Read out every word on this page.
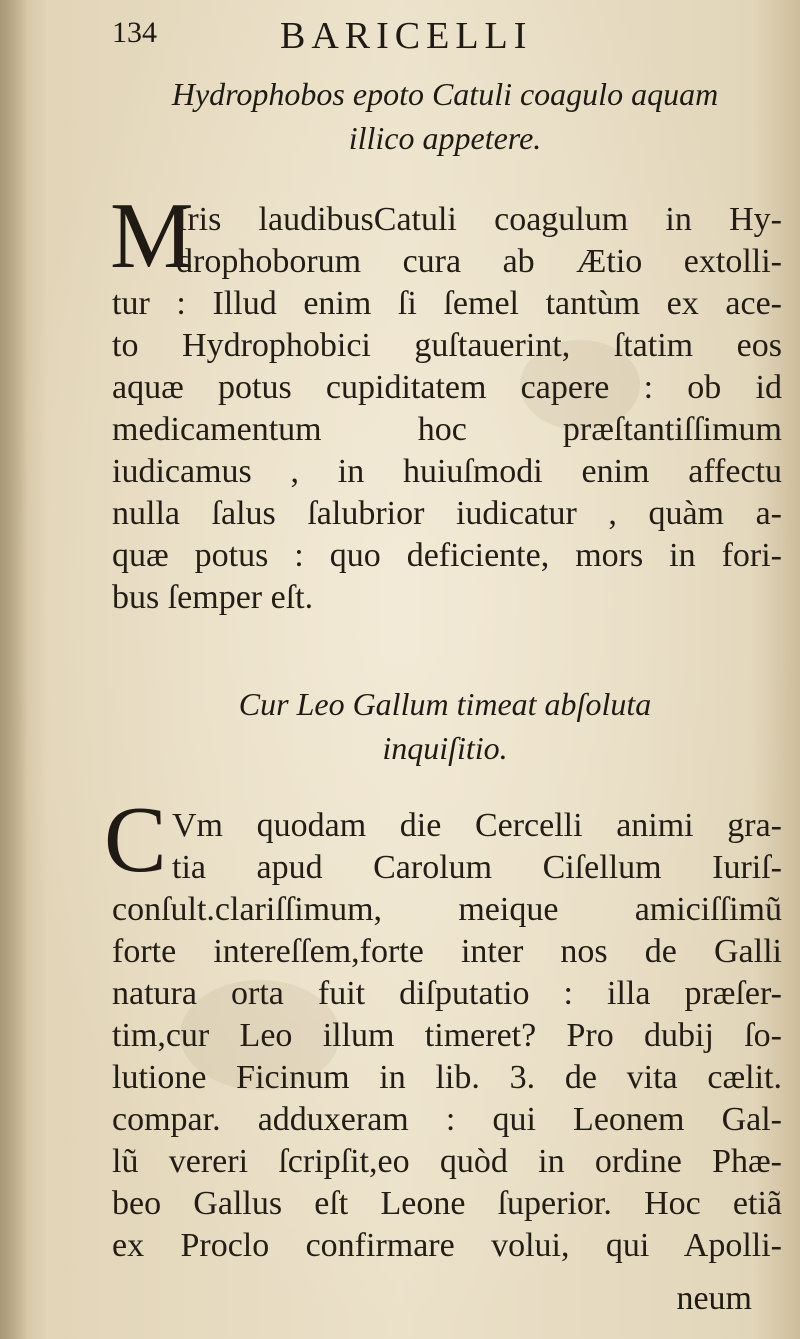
134	BARICELLI
Hydrophobos epoto Catuli coagulo aquam
illico appetere.
M
Iris laudibusCatuli coagulum in Hy-
drophoborum cura ab Ætio extolli-
tur : Illud enim ſi ſemel tantùm ex ace-
to Hydrophobici guſtauerint, ſtatim eos
aquæ potus cupiditatem capere : ob id
medicamentum hoc præſtantiſſimum
iudicamus , in huiuſmodi enim affectu
nulla ſalus ſalubrior iudicatur , quàm a-
quæ potus : quo deficiente, mors in fori-
bus ſemper eſt.
Cur Leo Gallum timeat abſoluta
inquiſitio.
C Vm quodam die Cercelli animi gra-
tia apud Carolum Ciſellum Iuriſ-
conſult.clariſſimum, meique amiciſſimũ
forte intereſſem,forte inter nos de Galli
natura orta fuit diſputatio : illa præſer-
tim,cur Leo illum timeret? Pro dubij ſo-
lutione Ficinum in lib. 3. de vita cælit.
compar. adduxeram : qui Leonem Gal-
lũ vereri ſcripſit,eo quòd in ordine Phæ-
beo Gallus eſt Leone ſuperior. Hoc etiã
ex Proclo confirmare volui, qui Apolli-
neum
